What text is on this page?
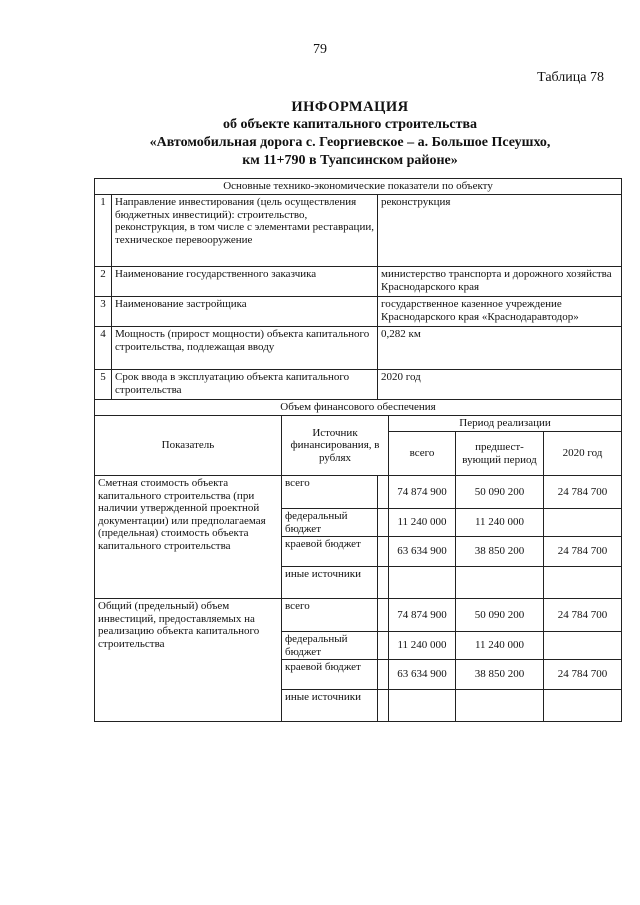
79
Таблица 78
ИНФОРМАЦИЯ
об объекте капитального строительства
«Автомобильная дорога с. Георгиевское – а. Большое Псеушхо,
км 11+790 в Туапсинском районе»
Основные технико-экономические показатели по объекту						
1	Направление инвестирования (цель осуществления бюджетных инвестиций): строительство, реконструкция, в том числе с элементами реставрации, техническое перевооружение		реконструкция			
2	Наименование государственного заказчика		министерство транспорта и дорожного хозяйства Краснодарского края			
3	Наименование застройщика		государственное казенное учреждение Краснодарского края «Краснодаравтодор»			
4	Мощность (прирост мощности) объекта капитального строительства, подлежащая вводу		0,282 км			
5	Срок ввода в эксплуатацию объекта капитального строительства		2020 год			
Объем финансового обеспечения						
Показатель		Источник финансирования, в рублях		Период реализации		
				всего	предшест-вующий период	2020 год
Сметная стоимость объекта капитального строительства (при наличии утвержденной проектной документации) или предполагаемая (предельная) стоимость объекта капитального строительства		всего		74 874 900	50 090 200	24 784 700
		федеральный бюджет		11 240 000	11 240 000	
		краевой бюджет		63 634 900	38 850 200	24 784 700
		иные источники				
Общий (предельный) объем инвестиций, предоставляемых на реализацию объекта капитального строительства		всего		74 874 900	50 090 200	24 784 700
		федеральный бюджет		11 240 000	11 240 000	
		краевой бюджет		63 634 900	38 850 200	24 784 700
		иные источники				
